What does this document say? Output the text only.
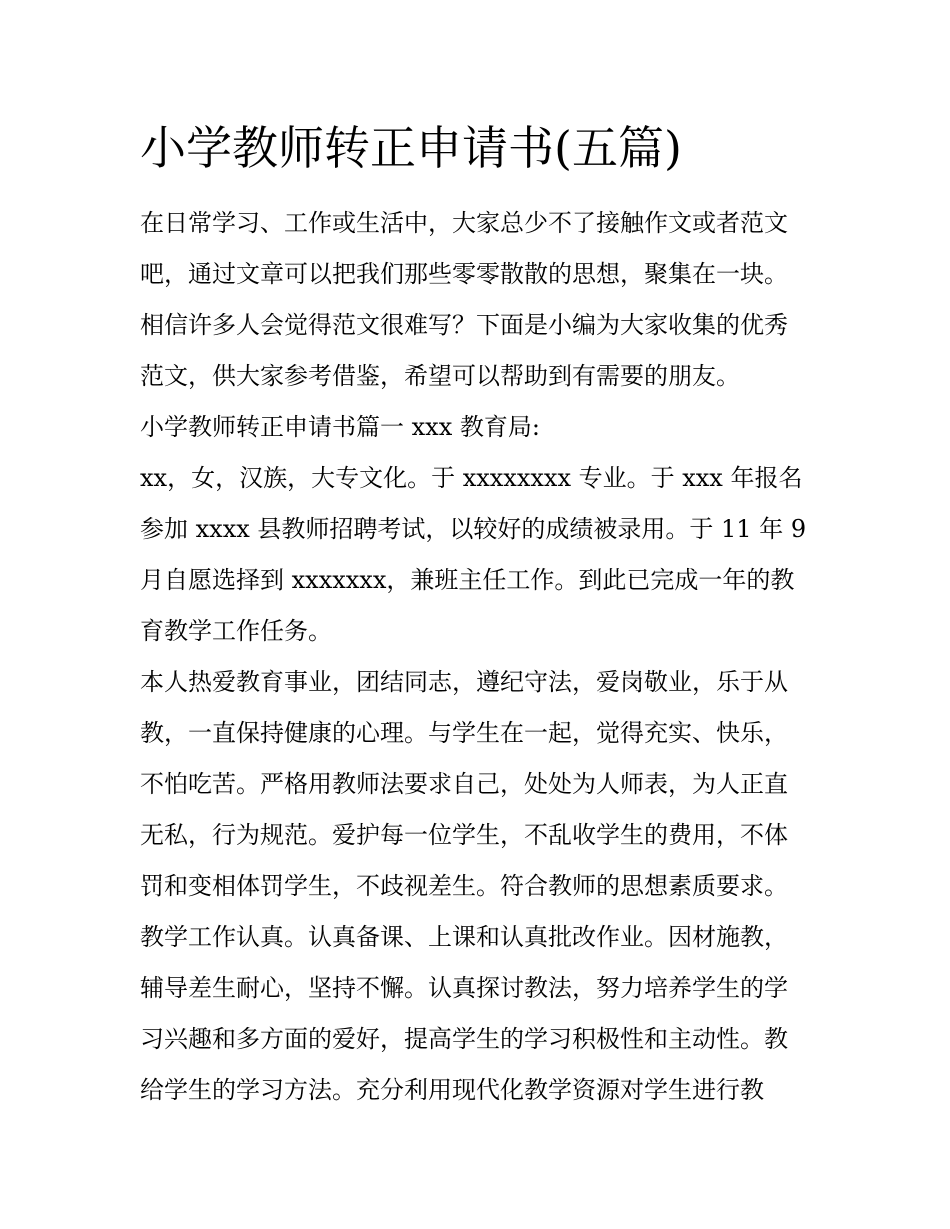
小学教师转正申请书(五篇)
在日常学习、工作或生活中，大家总少不了接触作文或者范文
吧，通过文章可以把我们那些零零散散的思想，聚集在一块。
相信许多人会觉得范文很难写？下面是小编为大家收集的优秀
范文，供大家参考借鉴，希望可以帮助到有需要的朋友。
小学教师转正申请书篇一 xxx 教育局:
xx，女，汉族，大专文化。于 xxxxxxxx 专业。于 xxx 年报名
参加 xxxx 县教师招聘考试，以较好的成绩被录用。于 11 年 9
月自愿选择到 xxxxxxx，兼班主任工作。到此已完成一年的教
育教学工作任务。
本人热爱教育事业，团结同志，遵纪守法，爱岗敬业，乐于从
教，一直保持健康的心理。与学生在一起，觉得充实、快乐，
不怕吃苦。严格用教师法要求自己，处处为人师表，为人正直
无私，行为规范。爱护每一位学生，不乱收学生的费用，不体
罚和变相体罚学生，不歧视差生。符合教师的思想素质要求。
教学工作认真。认真备课、上课和认真批改作业。因材施教，
辅导差生耐心，坚持不懈。认真探讨教法，努力培养学生的学
习兴趣和多方面的爱好，提高学生的学习积极性和主动性。教
给学生的学习方法。充分利用现代化教学资源对学生进行教
